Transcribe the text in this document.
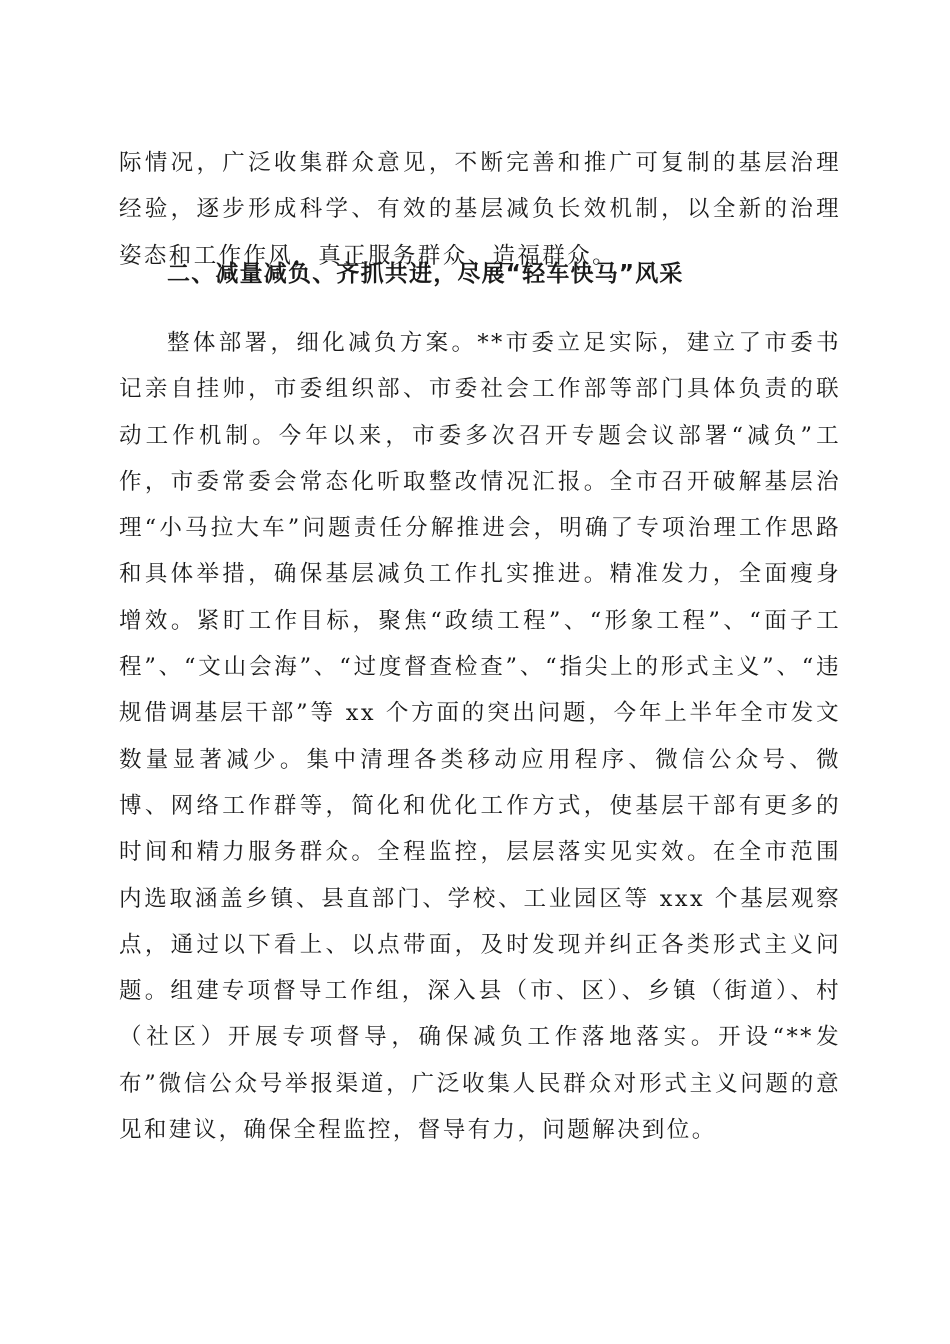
际情况，广泛收集群众意见，不断完善和推广可复制的基层治理经验，逐步形成科学、有效的基层减负长效机制，以全新的治理姿态和工作作风，真正服务群众、造福群众。
二、减量减负、齐抓共进，尽展“轻车快马”风采
整体部署，细化减负方案。**市委立足实际，建立了市委书记亲自挂帅，市委组织部、市委社会工作部等部门具体负责的联动工作机制。今年以来，市委多次召开专题会议部署“减负”工作，市委常委会常态化听取整改情况汇报。全市召开破解基层治理“小马拉大车”问题责任分解推进会，明确了专项治理工作思路和具体举措，确保基层减负工作扎实推进。精准发力，全面瘦身增效。紧盯工作目标，聚焦“政绩工程”、“形象工程”、“面子工程”、“文山会海”、“过度督查检查”、“指尖上的形式主义”、“违规借调基层干部”等 xx 个方面的突出问题，今年上半年全市发文数量显著减少。集中清理各类移动应用程序、微信公众号、微博、网络工作群等，简化和优化工作方式，使基层干部有更多的时间和精力服务群众。全程监控，层层落实见实效。在全市范围内选取涵盖乡镇、县直部门、学校、工业园区等 xxx 个基层观察点，通过以下看上、以点带面，及时发现并纠正各类形式主义问题。组建专项督导工作组，深入县（市、区）、乡镇（街道）、村（社区）开展专项督导，确保减负工作落地落实。开设“**发布”微信公众号举报渠道，广泛收集人民群众对形式主义问题的意见和建议，确保全程监控，督导有力，问题解决到位。
